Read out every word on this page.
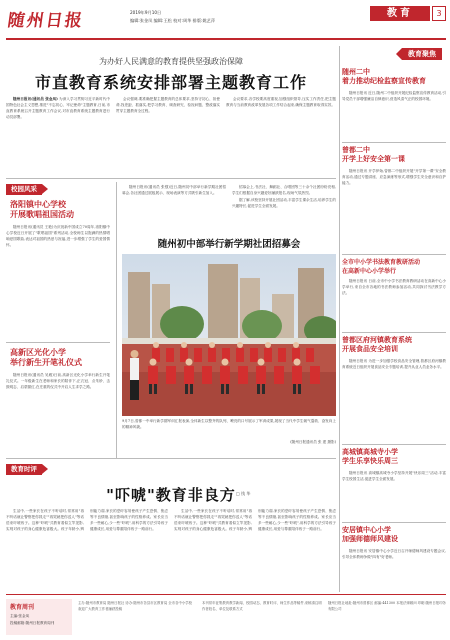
随州日报	2019年9月10日
编辑:张金凤 编辑:王松 校对:周华 排版:姚艺萍
教育	3
为办好人民满意的教育提供坚强政治保障
市直教育系统安排部署主题教育工作

随州日报讯(通讯员 张金凤) 为深入学习贯彻习近平新时代中国特色社会主义思想,推进"不忘初心、牢记使命"主题教育,日前,市直教育系统召开主题教育工作会议,对市直教育系统主题教育进行动员部署。

会议强调,要准确把握主题教育的总体要求,坚持守初心、担使命,找差距、抓落实,把学习教育、调查研究、检视问题、整改落实贯穿主题教育全过程。

会议要求,各学校要高度重视,加强组织领导,压实工作责任,把主题教育与当前教育改革发展各项工作结合起来,确保主题教育取得实效。

校园风采
洛阳镇中心学校
开展歌唱祖国活动

随州日报讯(通讯员 王艳)为庆祝新中国成立70周年,洛阳镇中心学校近日开展了"歌唱祖国"系列活动,全校师生以饱满的热情唱响爱国歌曲,表达对祖国的热爱与祝福,进一步增强了学生的爱国情怀。

高新区光化小学
举行新生开笔礼仪式

随州日报讯(通讯员 吴雅)日前,高新区光化小学举行新生开笔礼仪式。一年级新生在老师和家长的陪伴下,正衣冠、点朱砂、击鼓明志、启蒙描红,在庄重的仪式中开启人生求学之路。

随州日报讯(通讯员 张强)近日,随州初中部举行新学期社团招募会,各社团通过展板展示、现场表演等方式吸引新生加入。

招募会上,书法社、舞蹈社、合唱团等三十余个社团纷纷亮相,学生们根据自身兴趣爱好踊跃报名,现场气氛热烈。

据了解,该校坚持开展社团活动,丰富学生课余生活,培养学生的兴趣特长,促进学生全面发展。

随州初中部举行新学期社团招募会
9月7日,曾都一中举行新学期军训汇报表演,全体新生以整齐的队列、嘹亮的口号展示了军训成果,展现了当代中学生朝气蓬勃、奋发向上的精神风貌。
(随州日报通讯员 张 建 摄影)
教育时评
"吓唬"教育非良方 □ 钱 华

生活中,一些家长在孩子不听话时,常常用"再不听话就让警察把你抓走""再哭就把你送人"等话语来吓唬孩子。这种"吓唬"式教育看似立竿见影,实则对孩子的身心健康危害极大。孩子年龄小,辨别能力弱,家长的恐吓容易使孩子产生恐惧、焦虑等不良情绪,甚至影响孩子的性格养成。家长应当多一些耐心,少一些"吓唬",用科学的方法引导孩子健康成长,用爱与尊重陪伴孩子一路前行。

生活中,一些家长在孩子不听话时,常常用"再不听话就让警察把你抓走""再哭就把你送人"等话语来吓唬孩子。这种"吓唬"式教育看似立竿见影,实则对孩子的身心健康危害极大。孩子年龄小,辨别能力弱,家长的恐吓容易使孩子产生恐惧、焦虑等不良情绪,甚至影响孩子的性格养成。家长应当多一些耐心,少一些"吓唬",用科学的方法引导孩子健康成长,用爱与尊重陪伴孩子一路前行。

教育聚焦
随州二中
着力推动纪检监察宣传教育

随州日报讯 近日,随州二中组织开展纪检监察宣传教育活动,引导党员干部增强廉洁自律意识,营造风清气正的校园环境。

曾都二中
开学上好安全第一课

随州日报讯 开学伊始,曾都二中组织开展"开学第一课"安全教育活动,通过专题讲座、应急演练等形式,增强学生安全意识和自护能力。

全市中小学书法教育教研活动
在高新中心小学举行

随州日报讯 日前,全市中小学书法教育教研活动在高新中心小学举行,来自全市各地的书法教师参加活动,共同探讨书法教学方法。

曾都区府河镇教育系统
开展食品安全培训

随州日报讯 为进一步加强学校食品安全管理,曾都区府河镇教育系统近日组织开展食品安全专题培训,提升从业人员业务水平。

高城镇高城寺小学
学生乐享快乐周三

随州日报讯 高城镇高城寺小学坚持开展"快乐周三"活动,丰富学生校园生活,促进学生全面发展。

安居镇中心小学
加强师德师风建设

随州日报讯 安居镇中心小学近日召开师德师风建设专题会议,引导全体教师争做"四有"好老师。

教育周刊
主编:张金凤
投稿邮箱:随州日报教育周刊
主办:随州市教育局 随州日报社 协办:随州市各县市区教育局 全市各中小学校 欢迎广大教育工作者踊跃投稿
本刊常年征集教育教学新闻、校园动态、教育时评、师生作品等稿件,来稿请注明作者姓名、单位及联系方式
随州日报社地址:随州市曾都区 邮编:441300 本报法律顾问 印刷:随州日报印务有限公司
